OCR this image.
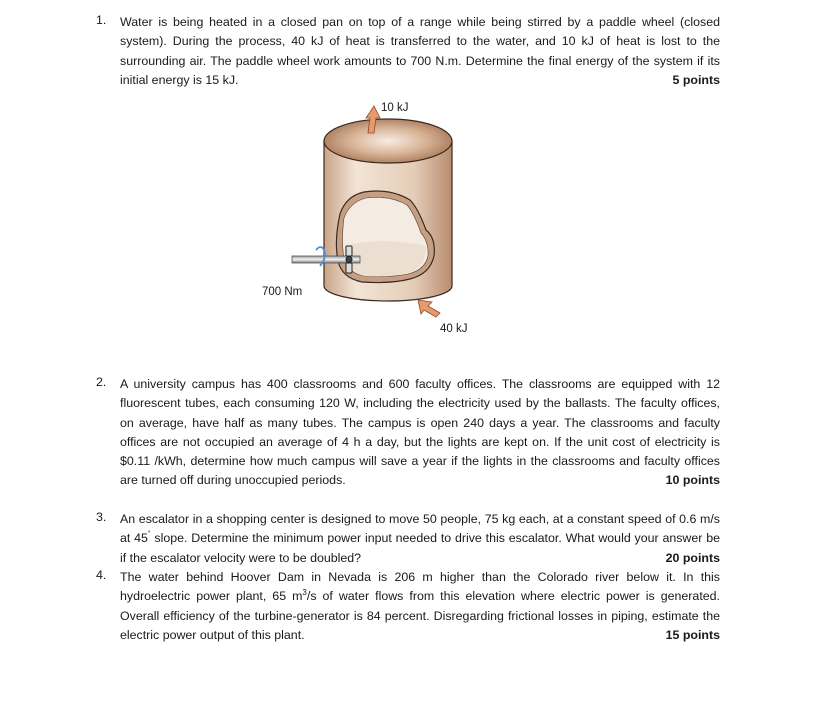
1.	Water is being heated in a closed pan on top of a range while being stirred by a paddle wheel (closed system). During the process, 40 kJ of heat is transferred to the water, and 10 kJ of heat is lost to the surrounding air. The paddle wheel work amounts to 700 N.m. Determine the final energy of the system if its initial energy is 15 kJ.	5 points
10 kJ
700 Nm
40 kJ
2.	A university campus has 400 classrooms and 600 faculty offices. The classrooms are equipped with 12 fluorescent tubes, each consuming 120 W, including the electricity used by the ballasts. The faculty offices, on average, have half as many tubes. The campus is open 240 days a year. The classrooms and faculty offices are not occupied an average of 4 h a day, but the lights are kept on. If the unit cost of electricity is $0.11 /kWh, determine how much campus will save a year if the lights in the classrooms and faculty offices are turned off during unoccupied periods.	10 points
3.	An escalator in a shopping center is designed to move 50 people, 75 kg each, at a constant speed of 0.6 m/s at 45˚ slope. Determine the minimum power input needed to drive this escalator. What would your answer be if the escalator velocity were to be doubled?	20 points
4.	The water behind Hoover Dam in Nevada is 206 m higher than the Colorado river below it. In this hydroelectric power plant, 65 $m^3/s$ of water flows from this elevation where electric power is generated. Overall efficiency of the turbine-generator is 84 percent. Disregarding frictional losses in piping, estimate the electric power output of this plant.	15 points
